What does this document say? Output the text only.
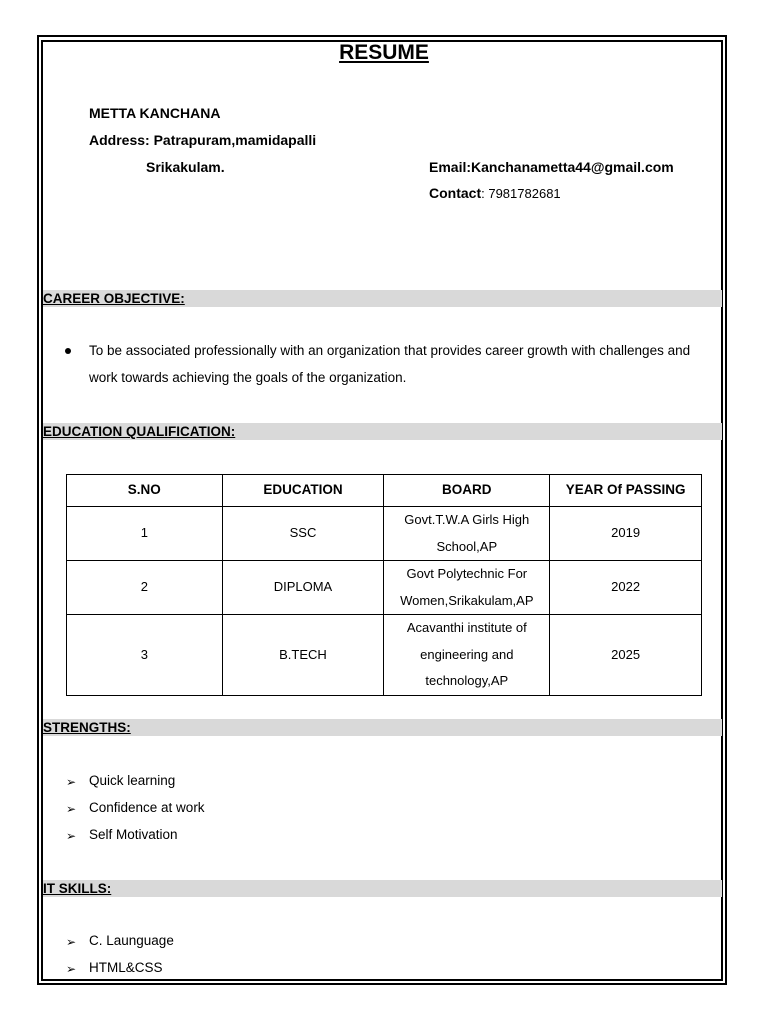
RESUME
METTA KANCHANA
Address: Patrapuram,mamidapalli
Srikakulam.	Email:Kanchanametta44@gmail.com
Contact: 7981782681
CAREER OBJECTIVE:
To be associated professionally with an organization that provides career growth with challenges and
work towards achieving the goals of the organization.
EDUCATION QUALIFICATION:
S.NO	EDUCATION	BOARD	YEAR Of PASSING
1	SSC	Govt.T.W.A Girls High
School,AP	2019
2	DIPLOMA	Govt Polytechnic For
Women,Srikakulam,AP	2022
3	B.TECH	Acavanthi institute of
engineering and
technology,AP	2025
STRENGTHS:
➢ Quick learning
➢ Confidence at work
➢ Self Motivation
IT SKILLS:
➢ C. Launguage
➢ HTML&CSS
